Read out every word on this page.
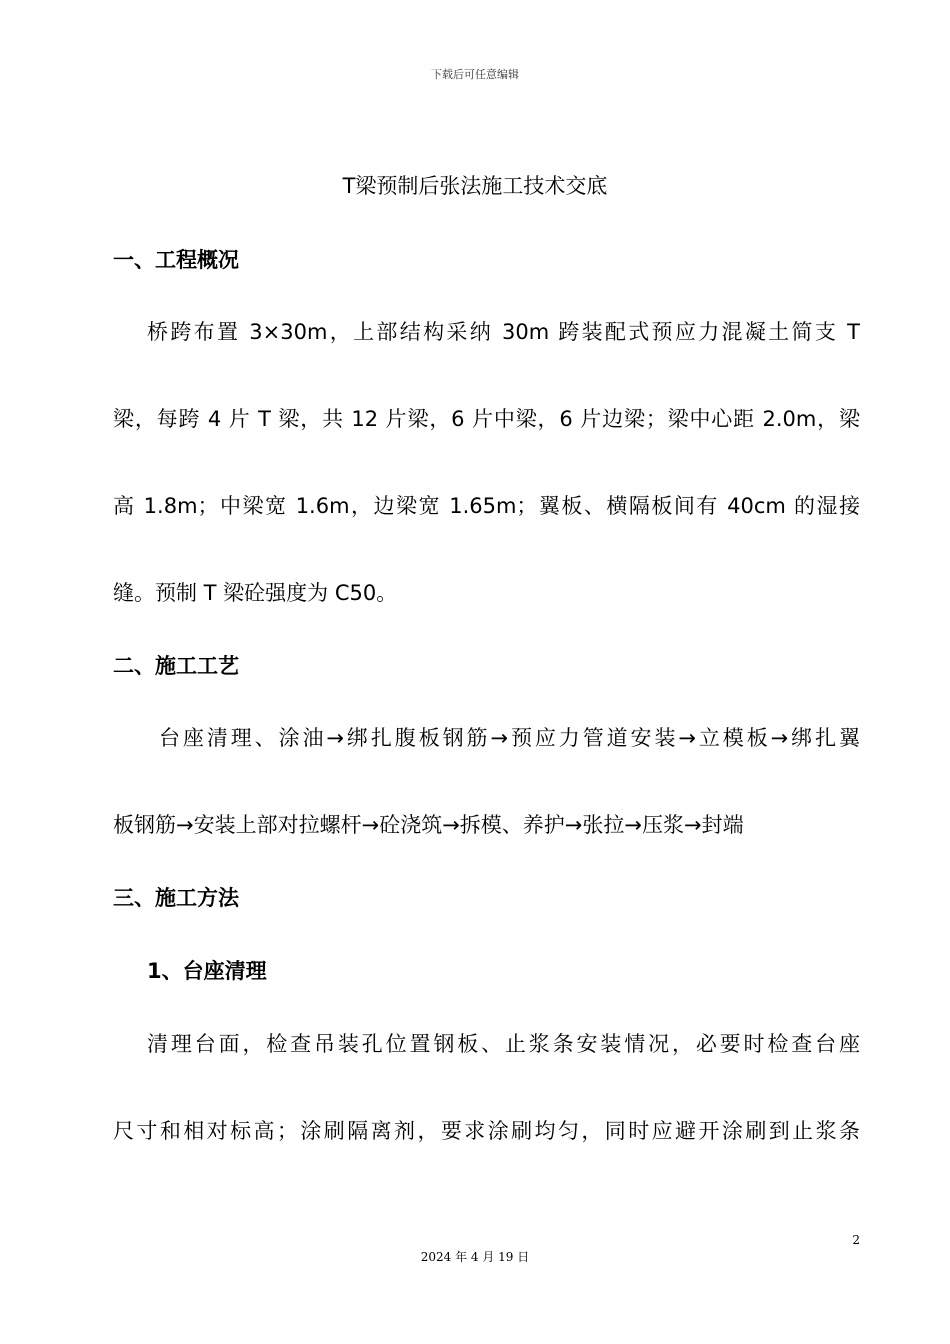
下载后可任意编辑
T梁预制后张法施工技术交底
一、工程概况
桥跨布置 3×30m，上部结构采纳 30m 跨装配式预应力混凝土简支 T
梁，每跨 4 片 T 梁，共 12 片梁，6 片中梁，6 片边梁；梁中心距 2.0m，梁
高 1.8m；中梁宽 1.6m，边梁宽 1.65m；翼板、横隔板间有 40cm 的湿接
缝。预制 T 梁砼强度为 C50。
二、施工工艺
台座清理、涂油→绑扎腹板钢筋→预应力管道安装→立模板→绑扎翼
板钢筋→安装上部对拉螺杆→砼浇筑→拆模、养护→张拉→压浆→封端
三、施工方法
1、台座清理
清理台面，检查吊装孔位置钢板、止浆条安装情况，必要时检查台座
尺寸和相对标高；涂刷隔离剂，要求涂刷均匀，同时应避开涂刷到止浆条
2
2024 年 4 月 19 日
